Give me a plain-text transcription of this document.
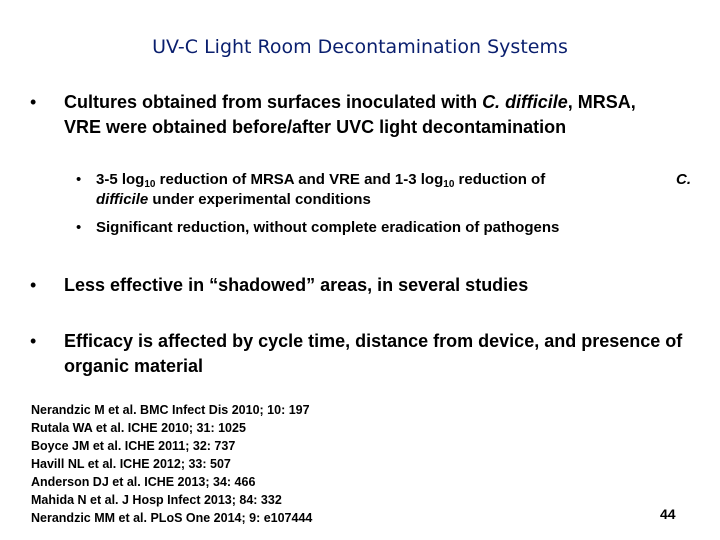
UV-C Light Room Decontamination Systems
• Cultures obtained from surfaces inoculated with C. difficile, MRSA, VRE were obtained before/after UVC light decontamination
• 3-5 $\log_{10}$ reduction of MRSA and VRE and 1-3 $\log_{10}$ reduction of
difficile under experimental conditions
C.
• Significant reduction, without complete eradication of pathogens
• Less effective in “shadowed” areas, in several studies
• Efficacy is affected by cycle time, distance from device, and presence of organic material
Nerandzic M et al. BMC Infect Dis 2010; 10: 197
Rutala WA et al. ICHE 2010; 31: 1025
Boyce JM et al. ICHE 2011; 32: 737
Havill NL et al. ICHE 2012; 33: 507
Anderson DJ et al. ICHE 2013; 34: 466
Mahida N et al. J Hosp Infect 2013; 84: 332
Nerandzic MM et al. PLoS One 2014; 9: e107444	44
